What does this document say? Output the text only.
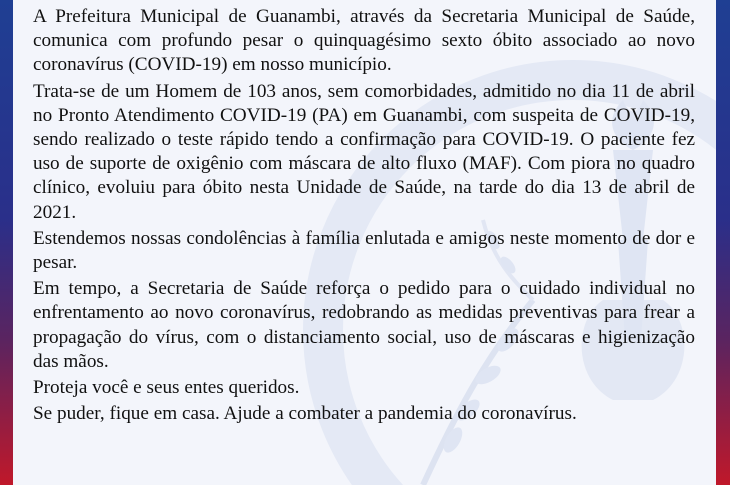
A Prefeitura Municipal de Guanambi, através da Secretaria Municipal de Saúde, comunica com profundo pesar o quinquagésimo sexto óbito associado ao novo coronavírus (COVID-19) em nosso município.

Trata-se de um Homem de 103 anos, sem comorbidades, admitido no dia 11 de abril no Pronto Atendimento COVID-19 (PA) em Guanambi, com suspeita de COVID-19, sendo realizado o teste rápido tendo a confirmação para COVID-19. O paciente fez uso de suporte de oxigênio com máscara de alto fluxo (MAF). Com piora no quadro clínico, evoluiu para óbito nesta Unidade de Saúde, na tarde do dia 13 de abril de 2021.

Estendemos nossas condolências à família enlutada e amigos neste momento de dor e pesar.

Em tempo, a Secretaria de Saúde reforça o pedido para o cuidado individual no enfrentamento ao novo coronavírus, redobrando as medidas preventivas para frear a propagação do vírus, com o distanciamento social, uso de máscaras e higienização das mãos.

Proteja você e seus entes queridos.

Se puder, fique em casa. Ajude a combater a pandemia do coronavírus.
